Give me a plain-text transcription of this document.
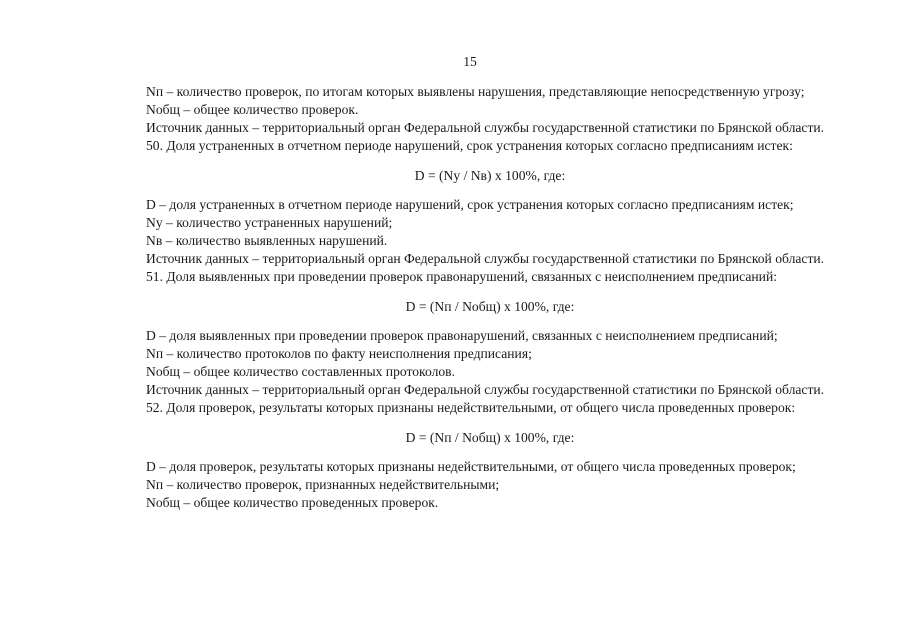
15

Nп – количество проверок, по итогам которых выявлены нарушения, представляющие непосредственную угрозу;

Nобщ – общее количество проверок.

Источник данных – территориальный орган Федеральной службы государственной статистики по Брянской области.

50. Доля устраненных в отчетном периоде нарушений, срок устранения которых согласно предписаниям истек:

D = (Nу / Nв) х 100%, где:

D – доля устраненных в отчетном периоде нарушений, срок устранения которых согласно предписаниям истек;

Nу – количество устраненных нарушений;

Nв – количество выявленных нарушений.

Источник данных – территориальный орган Федеральной службы государственной статистики по Брянской области.

51. Доля выявленных при проведении проверок правонарушений, связанных с неисполнением предписаний:

D = (Nп / Nобщ) х 100%, где:

D – доля выявленных при проведении проверок правонарушений, связанных с неисполнением предписаний;

Nп – количество протоколов по факту неисполнения предписания;

Nобщ – общее количество составленных протоколов.

Источник данных – территориальный орган Федеральной службы государственной статистики по Брянской области.

52. Доля проверок, результаты которых признаны недействительными, от общего числа проведенных проверок:

D = (Nп / Nобщ) х 100%, где:

D – доля проверок, результаты которых признаны недействительными, от общего числа проведенных проверок;

Nп – количество проверок, признанных недействительными;

Nобщ – общее количество проведенных проверок.
